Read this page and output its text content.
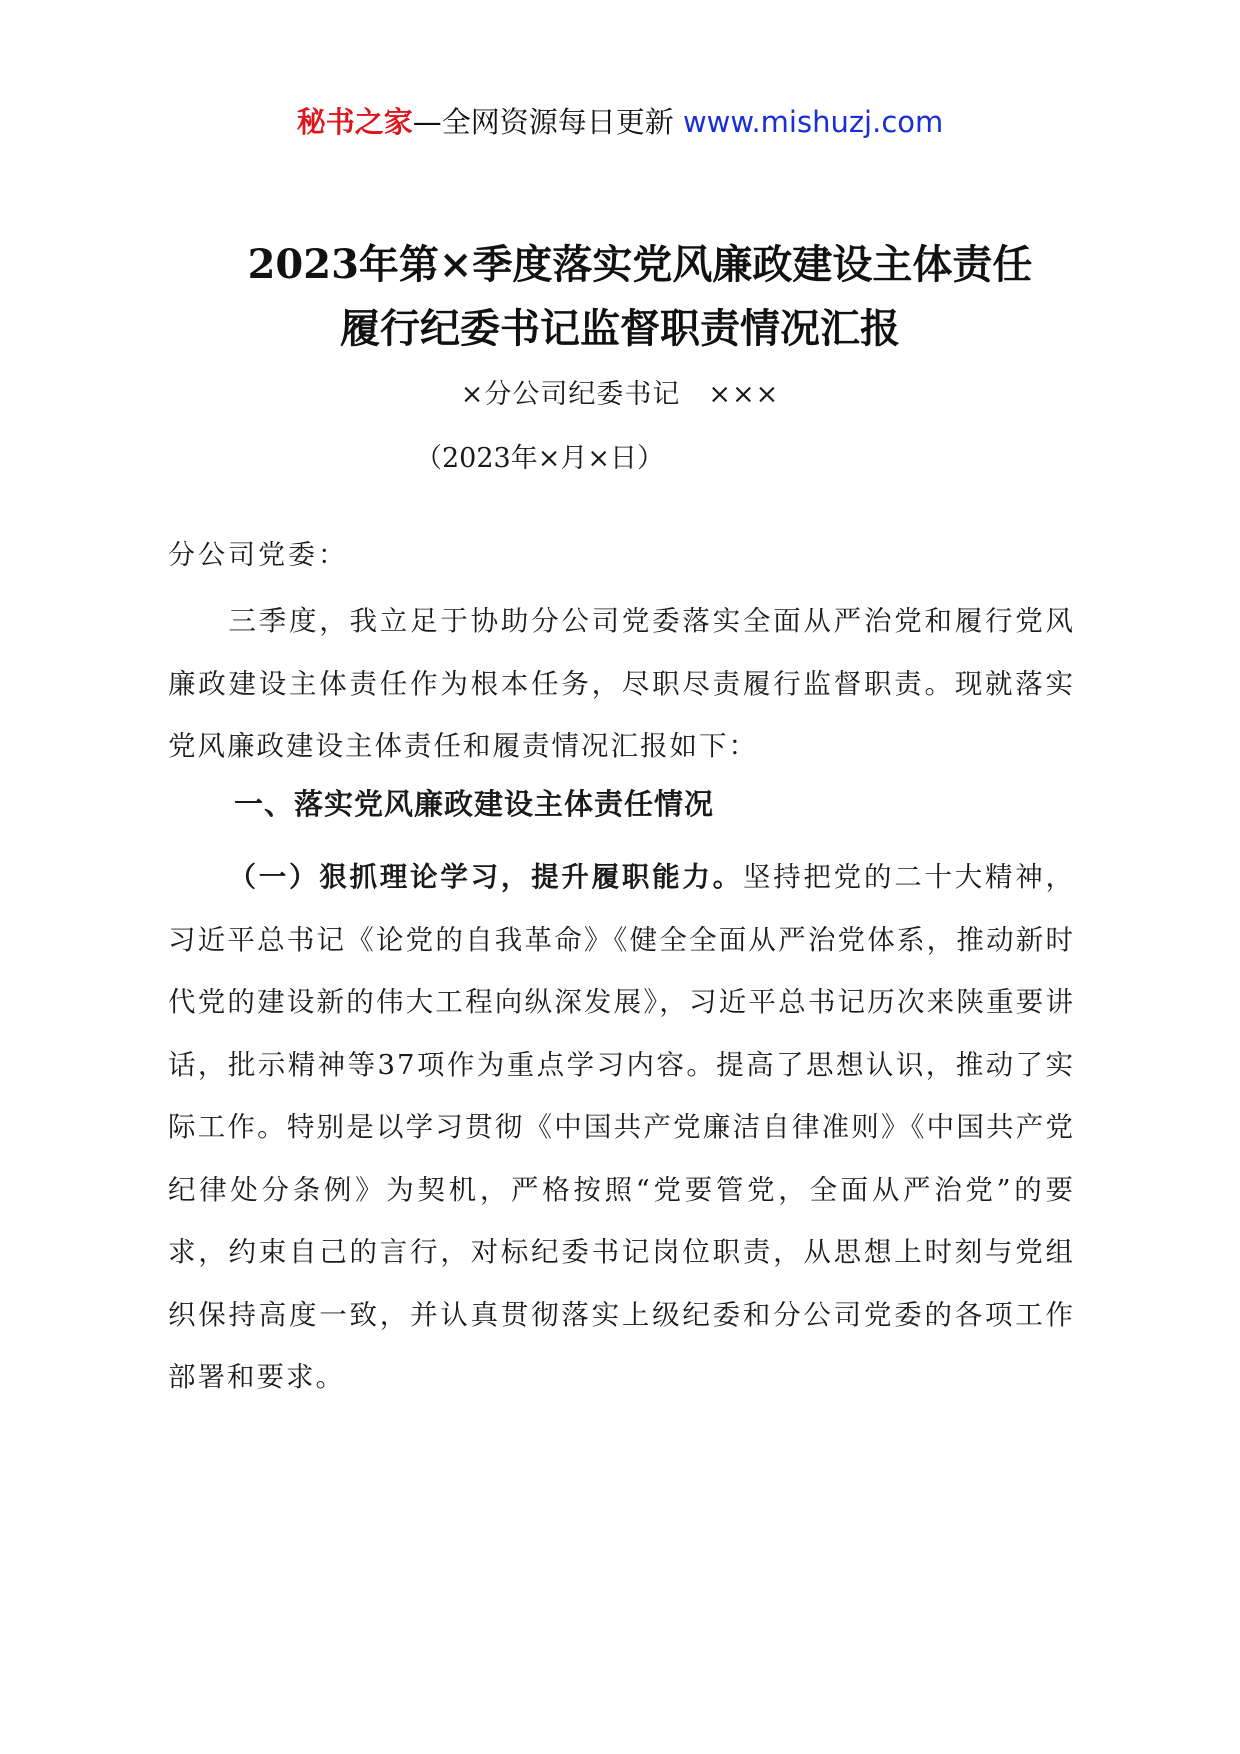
秘书之家—全网资源每日更新 www.mishuzj.com
2023年第×季度落实党风廉政建设主体责任
履行纪委书记监督职责情况汇报
×分公司纪委书记　×××
（2023年×月×日）
分公司党委：
三季度，我立足于协助分公司党委落实全面从严治党和履行党风廉政建设主体责任作为根本任务，尽职尽责履行监督职责。现就落实党风廉政建设主体责任和履责情况汇报如下：
一、落实党风廉政建设主体责任情况
（一）狠抓理论学习，提升履职能力。坚持把党的二十大精神，习近平总书记《论党的自我革命》《健全全面从严治党体系，推动新时代党的建设新的伟大工程向纵深发展》，习近平总书记历次来陕重要讲话，批示精神等37项作为重点学习内容。提高了思想认识，推动了实际工作。特别是以学习贯彻《中国共产党廉洁自律准则》《中国共产党纪律处分条例》为契机，严格按照“党要管党，全面从严治党”的要求，约束自己的言行，对标纪委书记岗位职责，从思想上时刻与党组织保持高度一致，并认真贯彻落实上级纪委和分公司党委的各项工作部署和要求。
